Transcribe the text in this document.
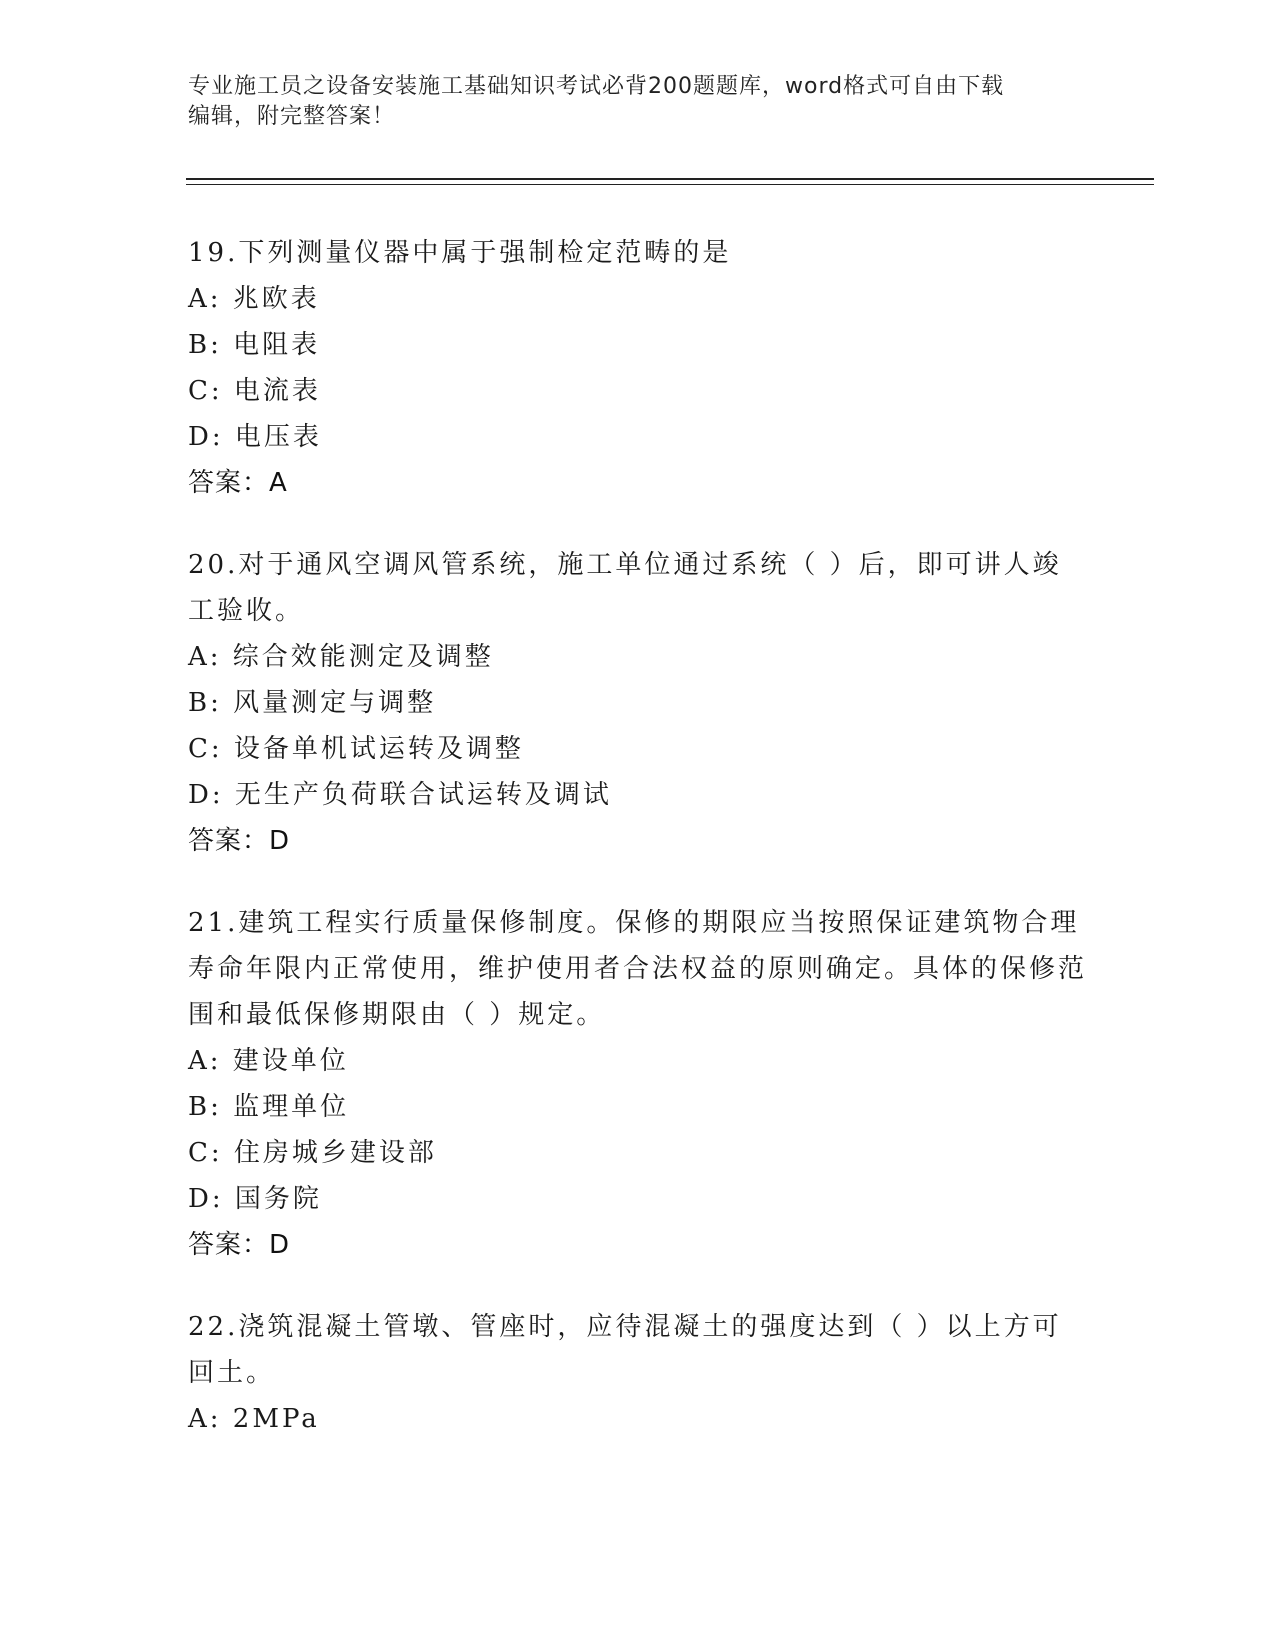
专业施工员之设备安装施工基础知识考试必背200题题库，word格式可自由下载
编辑，附完整答案！

19.下列测量仪器中属于强制检定范畴的是

A: 兆欧表

B: 电阻表

C: 电流表

D: 电压表

答案：A

20.对于通风空调风管系统，施工单位通过系统（ ）后，即可讲人竣工验收。

A: 综合效能测定及调整

B: 风量测定与调整

C: 设备单机试运转及调整

D: 无生产负荷联合试运转及调试

答案：D

21.建筑工程实行质量保修制度。保修的期限应当按照保证建筑物合理寿命年限内正常使用，维护使用者合法权益的原则确定。具体的保修范围和最低保修期限由（ ）规定。

A: 建设单位

B: 监理单位

C: 住房城乡建设部

D: 国务院

答案：D

22.浇筑混凝土管墩、管座时，应待混凝土的强度达到（ ）以上方可回土。

A: 2MPa
